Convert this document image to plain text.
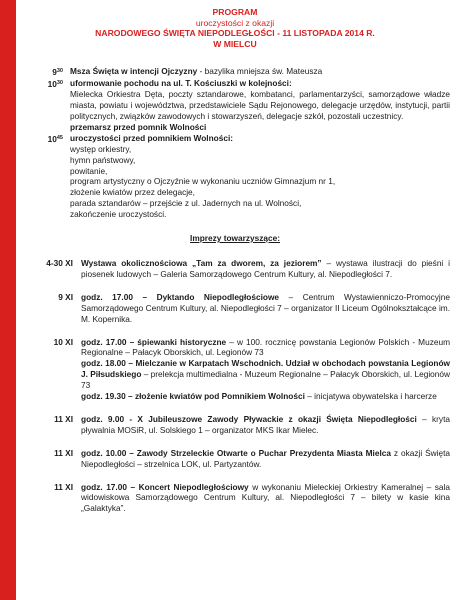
PROGRAM
uroczystości z okazji
NARODOWEGO ŚWIĘTA NIEPODLEGŁOŚCI - 11 LISTOPADA 2014 R.
W MIELCU
$9^{30}$ Msza Święta w intencji Ojczyzny - bazylika mniejsza św. Mateusza
$10^{30}$ uformowanie pochodu na ul. T. Kościuszki w kolejności:
Mielecka Orkiestra Dęta, poczty sztandarowe, kombatanci, parlamentarzyści, samorządowe władze miasta, powiatu i województwa, przedstawiciele Sądu Rejonowego, delegacje urzędów, instytucji, partii politycznych, związków zawodowych i stowarzyszeń, delegacje szkół, pozostali uczestnicy.
przemarsz przed pomnik Wolności
$10^{45}$ uroczystości przed pomnikiem Wolności:
występ orkiestry,
hymn państwowy,
powitanie,
program artystyczny o Ojczyźnie w wykonaniu uczniów Gimnazjum nr 1,
złożenie kwiatów przez delegacje,
parada sztandarów – przejście z ul. Jadernych na ul. Wolności,
zakończenie uroczystości.
Imprezy towarzyszące:
4-30 XI Wystawa okolicznościowa „Tam za dworem, za jeziorem” – wystawa ilustracji do pieśni i piosenek ludowych – Galeria Samorządowego Centrum Kultury, al. Niepodległości 7.
9 XI godz. 17.00 – Dyktando Niepodległościowe – Centrum Wystawienniczo-Promocyjne Samorządowego Centrum Kultury, al. Niepodległości 7 – organizator II Liceum Ogólnokształcące im. M. Kopernika.
10 XI godz. 17.00 – śpiewanki historyczne – w 100. rocznicę powstania Legionów Polskich - Muzeum Regionalne – Pałacyk Oborskich, ul. Legionów 73
godz. 18.00 – Mielczanie w Karpatach Wschodnich. Udział w obchodach powstania Legionów J. Piłsudskiego – prelekcja multimedialna - Muzeum Regionalne – Pałacyk Oborskich, ul. Legionów 73
godz. 19.30 – złożenie kwiatów pod Pomnikiem Wolności – inicjatywa obywatelska i harcerze
11 XI godz. 9.00 - X Jubileuszowe Zawody Pływackie z okazji Święta Niepodległości – kryta pływalnia MOSiR, ul. Solskiego 1 – organizator MKS Ikar Mielec.
11 XI godz. 10.00 – Zawody Strzeleckie Otwarte o Puchar Prezydenta Miasta Mielca z okazji Święta Niepodległości – strzelnica LOK, ul. Partyzantów.
11 XI godz. 17.00 – Koncert Niepodległościowy w wykonaniu Mieleckiej Orkiestry Kameralnej – sala widowiskowa Samorządowego Centrum Kultury, al. Niepodległości 7 – bilety w kasie kina „Galaktyka”.
